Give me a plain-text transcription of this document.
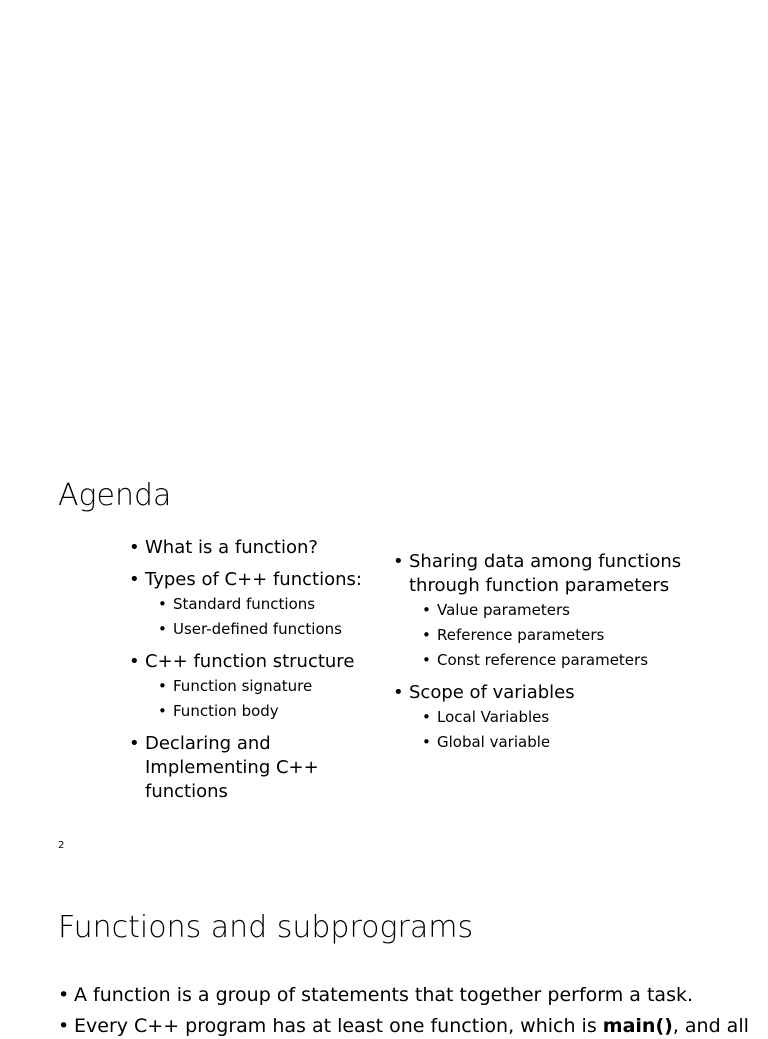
Agenda
• What is a function?
• Types of C++ functions:
• Standard functions
• User-defined functions
• C++ function structure
• Function signature
• Function body
• Declaring and
Implementing C++
functions
• Sharing data among functions
through function parameters
• Value parameters
• Reference parameters
• Const reference parameters
• Scope of variables
• Local Variables
• Global variable
2
Functions and subprograms
• A function is a group of statements that together perform a task.
• Every C++ program has at least one function, which is main(), and all
